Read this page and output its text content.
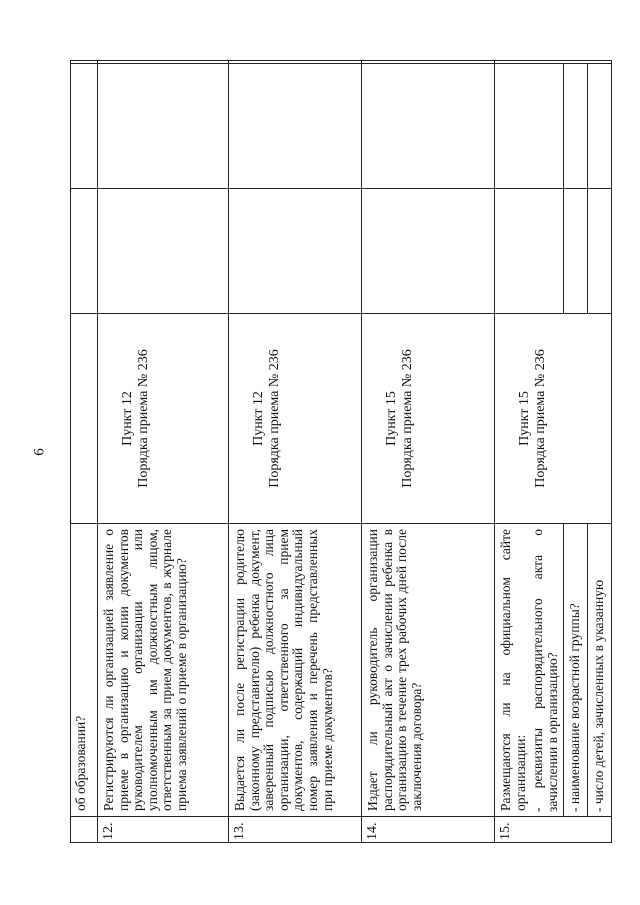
6
об образовании?
12.
Регистрируются ли организацией заявление о приеме в организацию и копии документов руководителем организации или уполномоченным им должностным лицом, ответственным за прием документов, в журнале приема заявлений о приеме в организацию?
Пункт 12 Порядка приема № 236
13.
Выдается ли после регистрации родителю (законному представителю) ребенка документ, заверенный подписью должностного лица организации, ответственного за прием документов, содержащий индивидуальный номер заявления и перечень представленных при приеме документов?
Пункт 12 Порядка приема № 236
14.
Издает ли руководитель организации распорядительный акт о зачислении ребенка в организацию в течение трех рабочих дней после заключения договора?
Пункт 15 Порядка приема № 236
15.
Размещаются ли на официальном сайте организации:
Пункт 15 Порядка приема № 236
- реквизиты распорядительного акта о зачислении в организацию? - наименование возрастной группы? - число детей, зачисленных в указанную
